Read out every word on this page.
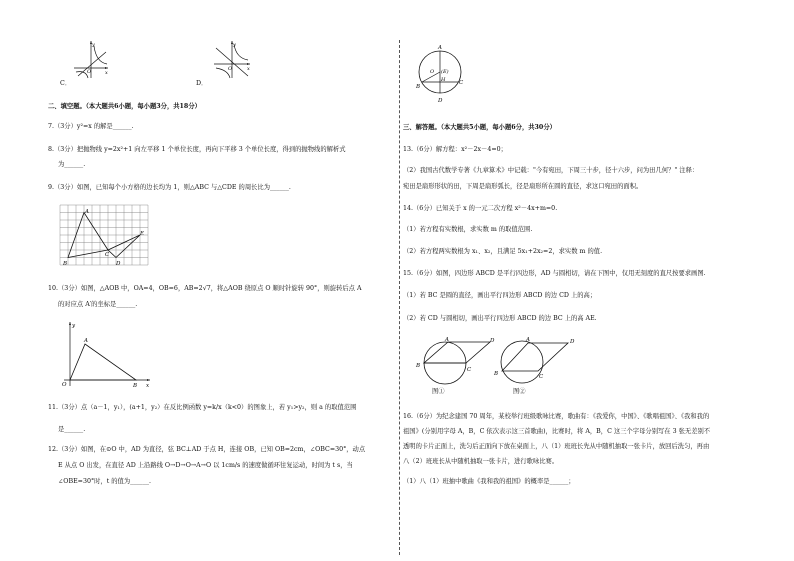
y
O	x
C．
y
O	x
D．
二、填空题。（本大题共6小题，每小题3分，共18分）
7.（3分）y²=x 的解是______.
8.（3分）把抛物线 y=2x²+1 向左平移 1 个单位长度，再向下平移 3 个单位长度，得到的抛物线的解析式
为______.
9.（3分）如图，已知每个小方格的边长均为 1，则△ABC 与△CDE 的周长比为______.
A
B
C
D
E
10.（3分）如图，△AOB 中，OA=4，OB=6，AB=2√7，将△AOB 绕原点 O 顺时针旋转 90°，则旋转后点 A
的对应点 A′的坐标是______.
y
O
A
B x
11.（3分）点（a－1，y₁），(a+1，y₂）在反比例函数 y=k/x（k<0）的图象上，若 y₁>y₂，则 a 的取值范围
是______.
12.（3分）如图，在⊙O 中，AD 为直径，弦 BC⊥AD 于点 H，连接 OB，已知 OB=2cm，∠OBC=30°，动点
E 从点 O 出发，在直径 AD 上沿路线 O→D→O→A→O 以 1cm/s 的速度做循环往复运动，时间为 t s，当
∠OBE=30°时，t 的值为______.
A
O (E)
H
B
C
D
三、解答题。（本大题共5小题，每小题6分，共30分）
13.（6分）解方程：x²－2x－4=0；
（2）我国古代数学专著《九章算术》中记载："今有宛田，下周三十步，径十六步，问为田几何？" 注释：
宛田是扇形形状的田，下周是扇形弧长，径是扇形所在圆的直径，求这口宛田的面积。
14.（6分）已知关于 x 的一元二次方程 x²－4x+m=0.
（1）若方程有实数根，求实数 m 的取值范围.
（2）若方程两实数根为 x₁、x₂，且满足 5x₁+2x₂=2，求实数 m 的值.
15.（6分）如图，四边形 ABCD 是平行四边形，AD 与圆相切，请在下图中，仅用无刻度的直尺按要求画图.
（1）若 BC 是圆的直径，画出平行四边形 ABCD 的边 CD 上的高；
（2）若 CD 与圆相切，画出平行四边形 ABCD 的边 BC 上的高 AE.
A	D
B
C
图①
A	D
B	C
图②
16.（6分）为纪念建国 70 周年，某校举行班级歌咏比赛，歌曲有：《我爱你，中国》、《歌唱祖国》、《我和我的
祖国》(分别用字母 A，B，C 依次表示这三首歌曲)，比赛时，将 A，B，C 这三个字母分别写在 3 张无差别不
透明的卡片正面上，洗匀后正面向下放在桌面上，八（1）班班长先从中随机抽取一张卡片，放回后洗匀，再由
八（2）班班长从中随机抽取一张卡片，进行歌咏比赛。
（1）八（1）班抽中歌曲《我和我的祖国》的概率是______；
